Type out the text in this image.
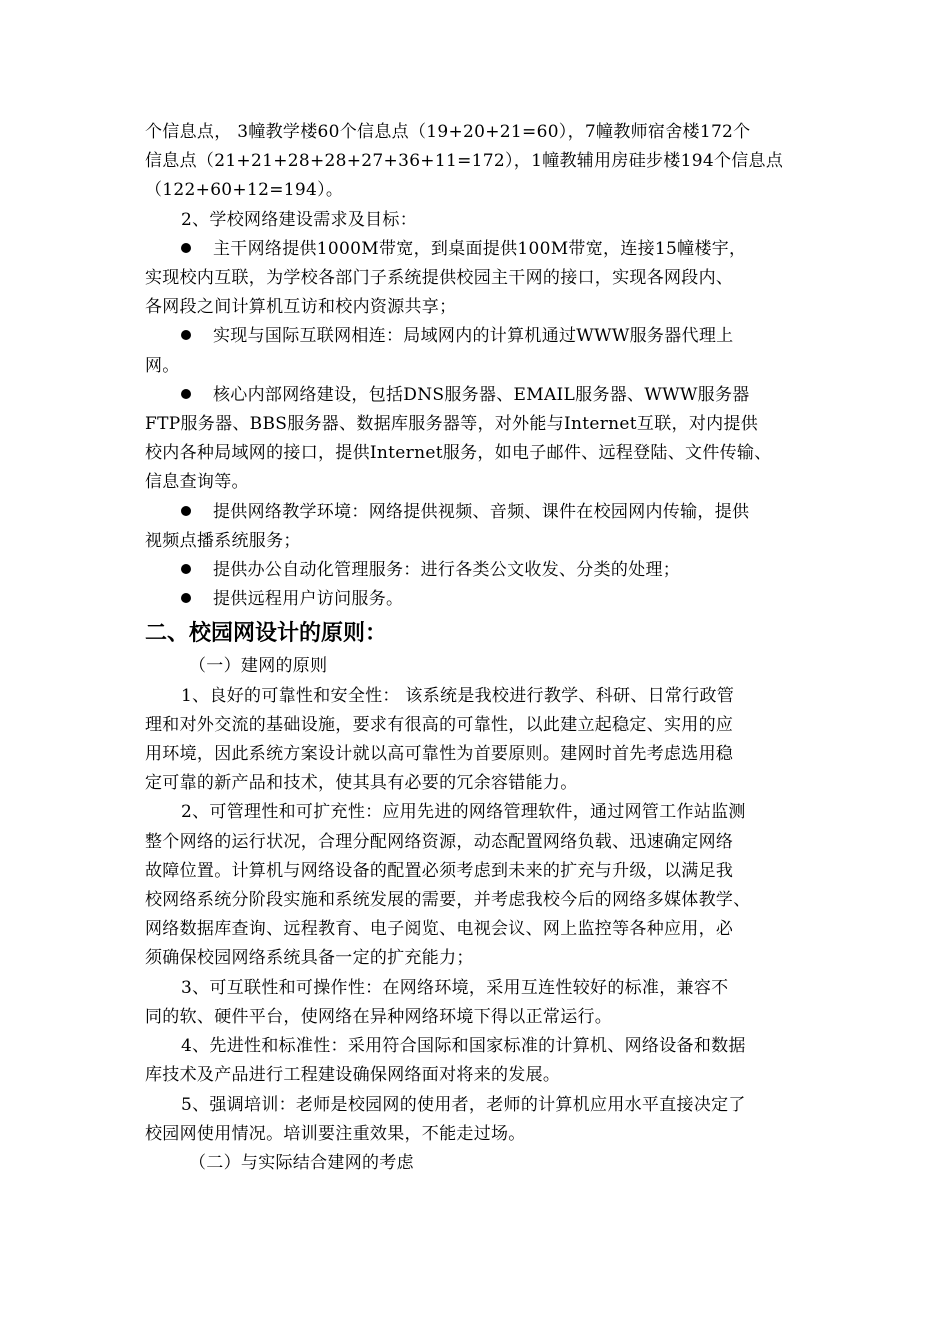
个信息点， 3幢教学楼60个信息点（19+20+21=60），7幢教师宿舍楼172个
信息点（21+21+28+28+27+36+11=172），1幢教辅用房硅步楼194个信息点
（122+60+12=194）。
2、学校网络建设需求及目标：
主干网络提供1000M带宽，到桌面提供100M带宽，连接15幢楼宇，
实现校内互联，为学校各部门子系统提供校园主干网的接口，实现各网段内、
各网段之间计算机互访和校内资源共享；
实现与国际互联网相连：局域网内的计算机通过WWW服务器代理上
网。
核心内部网络建设，包括DNS服务器、EMAIL服务器、WWW服务器
FTP服务器、BBS服务器、数据库服务器等，对外能与Internet互联，对内提供
校内各种局域网的接口，提供Internet服务，如电子邮件、远程登陆、文件传输、
信息查询等。
提供网络教学环境：网络提供视频、音频、课件在校园网内传输，提供
视频点播系统服务；
提供办公自动化管理服务：进行各类公文收发、分类的处理；
提供远程用户访问服务。
二、校园网设计的原则：
（一）建网的原则
1、良好的可靠性和安全性： 该系统是我校进行教学、科研、日常行政管
理和对外交流的基础设施，要求有很高的可靠性，以此建立起稳定、实用的应
用环境，因此系统方案设计就以高可靠性为首要原则。建网时首先考虑选用稳
定可靠的新产品和技术，使其具有必要的冗余容错能力。
2、可管理性和可扩充性：应用先进的网络管理软件，通过网管工作站监测
整个网络的运行状况，合理分配网络资源，动态配置网络负载、迅速确定网络
故障位置。计算机与网络设备的配置必须考虑到未来的扩充与升级，以满足我
校网络系统分阶段实施和系统发展的需要，并考虑我校今后的网络多媒体教学、
网络数据库查询、远程教育、电子阅览、电视会议、网上监控等各种应用，必
须确保校园网络系统具备一定的扩充能力；
3、可互联性和可操作性：在网络环境，采用互连性较好的标准，兼容不
同的软、硬件平台，使网络在异种网络环境下得以正常运行。
4、先进性和标准性：采用符合国际和国家标准的计算机、网络设备和数据
库技术及产品进行工程建设确保网络面对将来的发展。
5、强调培训：老师是校园网的使用者，老师的计算机应用水平直接决定了
校园网使用情况。培训要注重效果，不能走过场。
（二）与实际结合建网的考虑
